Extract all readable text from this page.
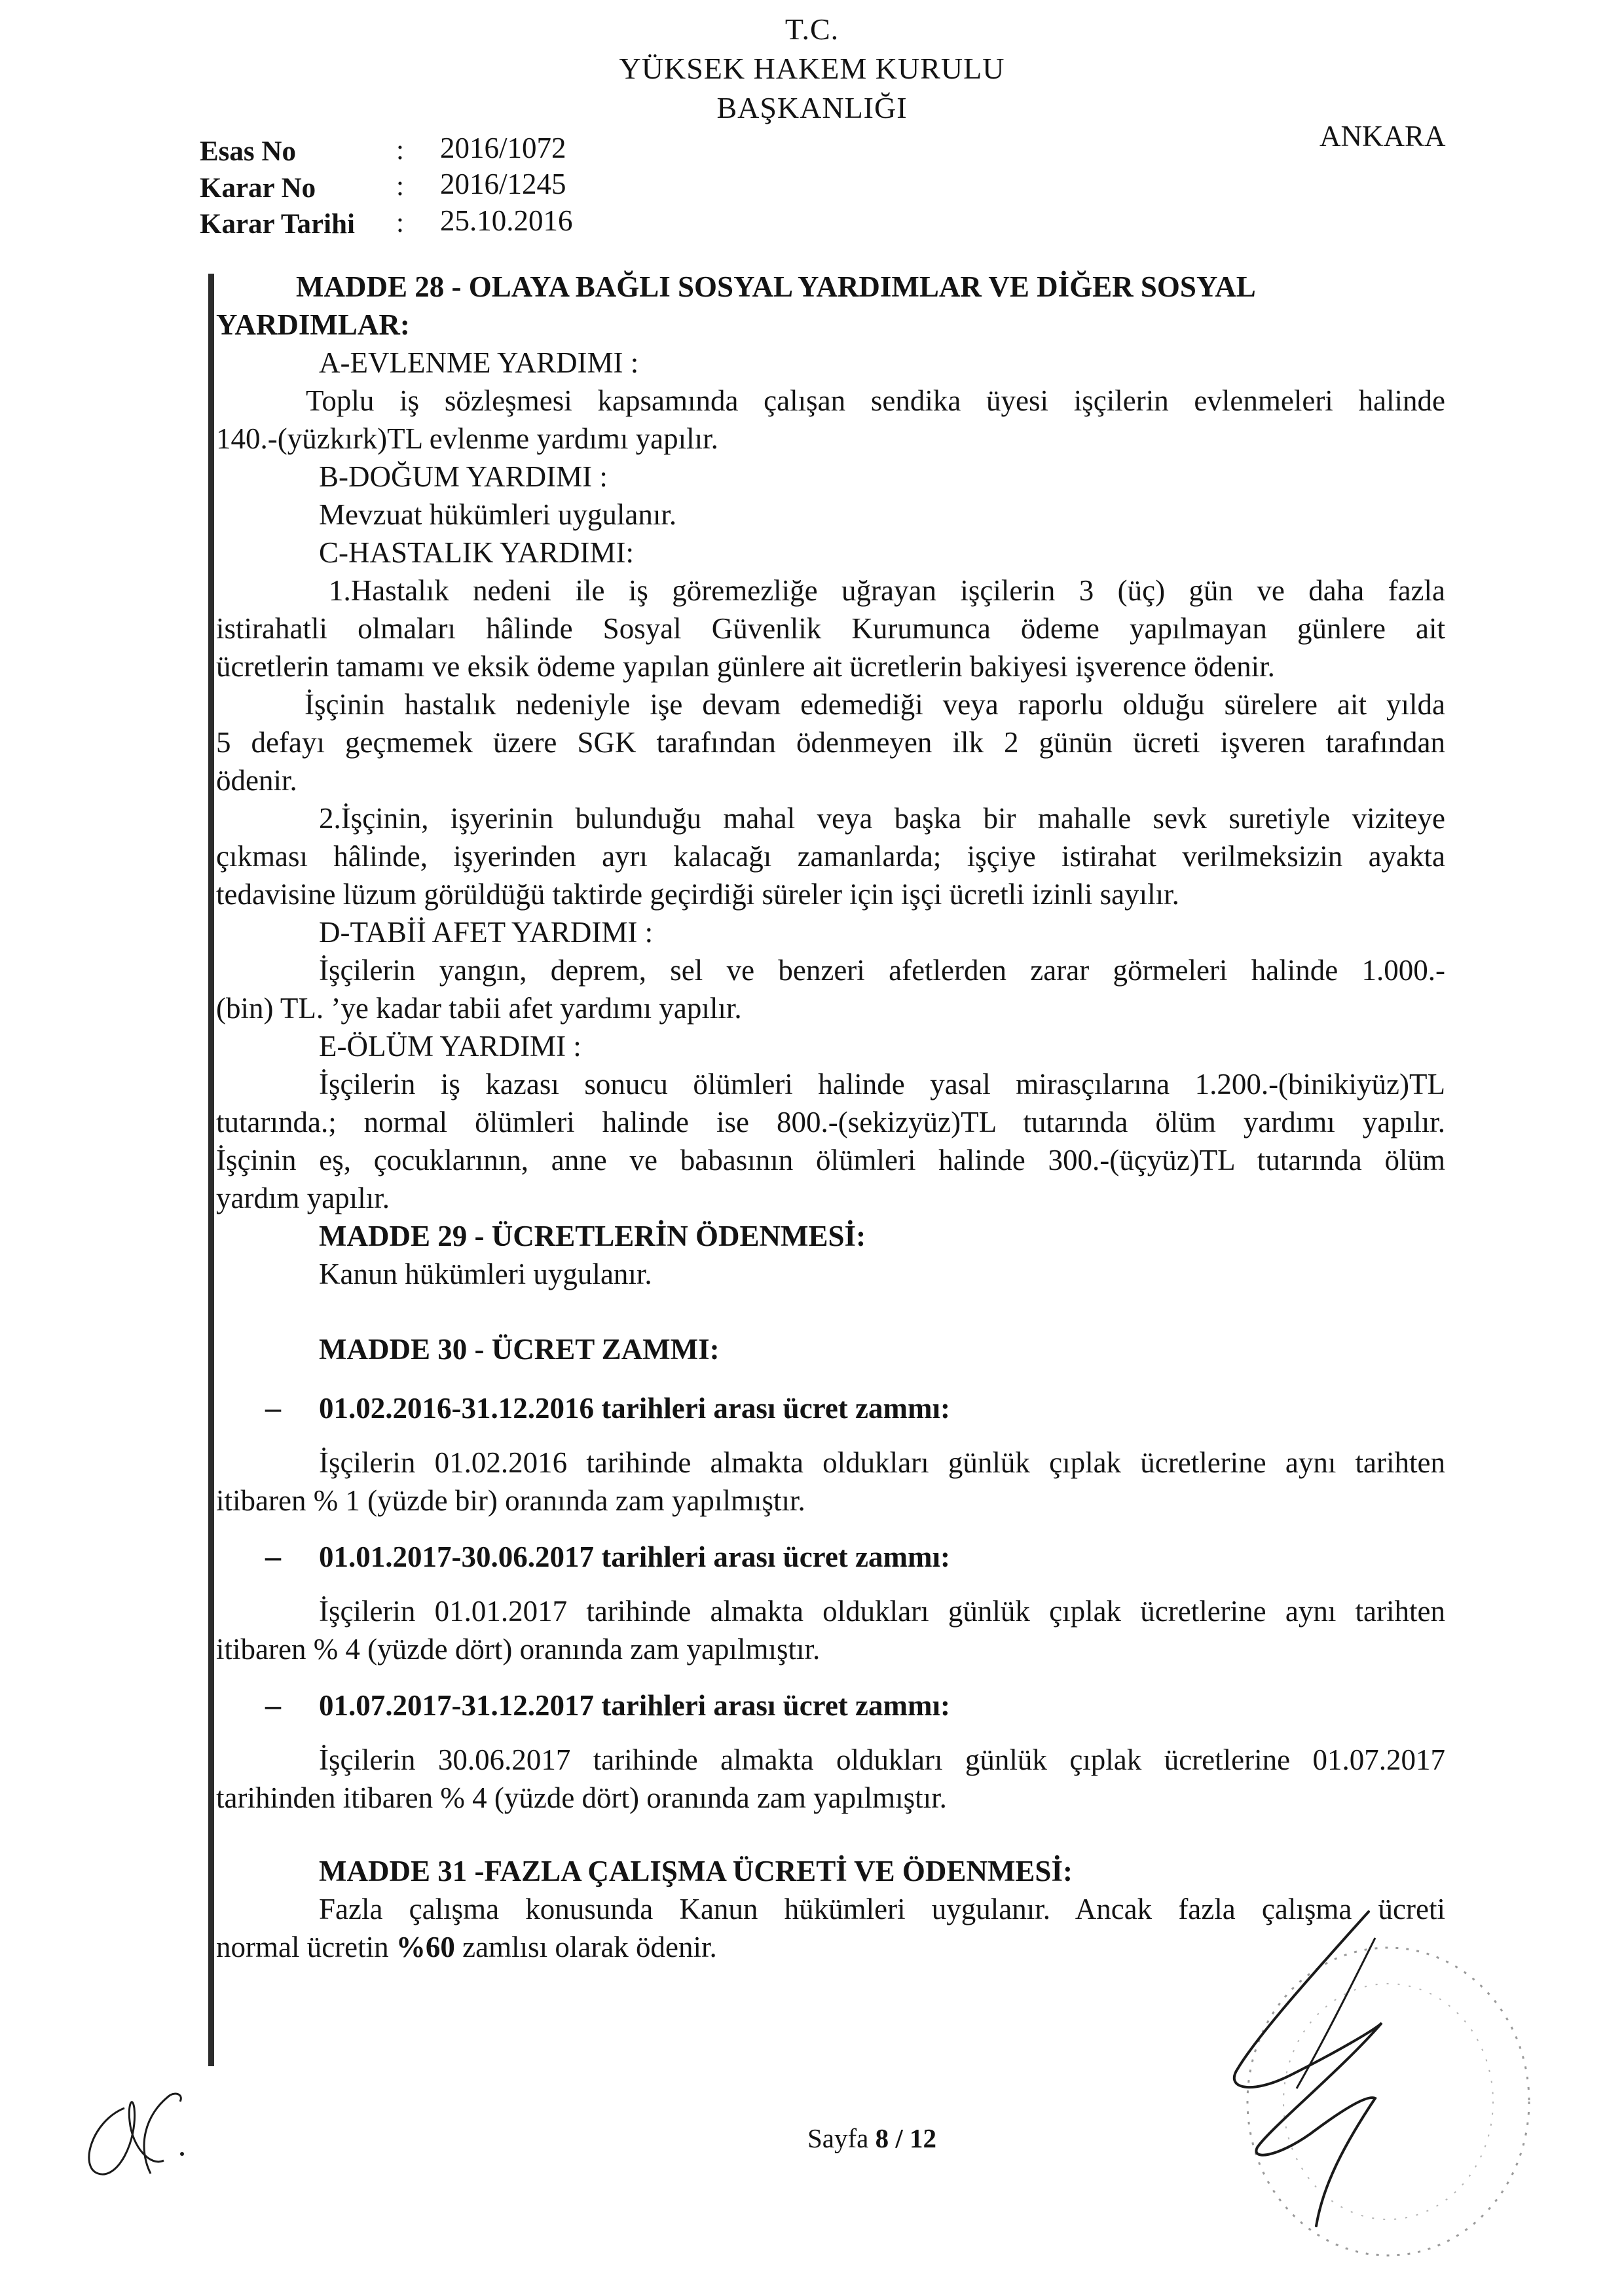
T.C.
YÜKSEK HAKEM KURULU
BAŞKANLIĞI
ANKARA
Esas No	: 2016/1072
Karar No	: 2016/1245
Karar Tarihi : 25.10.2016
MADDE 28 - OLAYA BAĞLI SOSYAL YARDIMLAR VE DİĞER SOSYAL
YARDIMLAR:
A-EVLENME YARDIMI :
Toplu iş sözleşmesi kapsamında çalışan sendika üyesi işçilerin evlenmeleri halinde
140.-(yüzkırk)TL evlenme yardımı yapılır.
B-DOĞUM YARDIMI :
Mevzuat hükümleri uygulanır.
C-HASTALIK YARDIMI:
1.Hastalık nedeni ile iş göremezliğe uğrayan işçilerin 3 (üç) gün ve daha fazla
istirahatli olmaları hâlinde Sosyal Güvenlik Kurumunca ödeme yapılmayan günlere ait
ücretlerin tamamı ve eksik ödeme yapılan günlere ait ücretlerin bakiyesi işverence ödenir.
İşçinin hastalık nedeniyle işe devam edemediği veya raporlu olduğu sürelere ait yılda
5 defayı geçmemek üzere SGK tarafından ödenmeyen ilk 2 günün ücreti işveren tarafından
ödenir.
2.İşçinin, işyerinin bulunduğu mahal veya başka bir mahalle sevk suretiyle viziteye
çıkması hâlinde, işyerinden ayrı kalacağı zamanlarda; işçiye istirahat verilmeksizin ayakta
tedavisine lüzum görüldüğü taktirde geçirdiği süreler için işçi ücretli izinli sayılır.
D-TABİİ AFET YARDIMI :
İşçilerin yangın, deprem, sel ve benzeri afetlerden zarar görmeleri halinde 1.000.-
(bin) TL. ’ye kadar tabii afet yardımı yapılır.
E-ÖLÜM YARDIMI :
İşçilerin iş kazası sonucu ölümleri halinde yasal mirasçılarına 1.200.-(binikiyüz)TL
tutarında.; normal ölümleri halinde ise 800.-(sekizyüz)TL tutarında ölüm yardımı yapılır.
İşçinin eş, çocuklarının, anne ve babasının ölümleri halinde 300.-(üçyüz)TL tutarında ölüm
yardım yapılır.
MADDE 29 - ÜCRETLERİN ÖDENMESİ:
Kanun hükümleri uygulanır.
MADDE 30 - ÜCRET ZAMMI:
– 01.02.2016-31.12.2016 tarihleri arası ücret zammı:
İşçilerin 01.02.2016 tarihinde almakta oldukları günlük çıplak ücretlerine aynı tarihten
itibaren % 1 (yüzde bir) oranında zam yapılmıştır.
– 01.01.2017-30.06.2017 tarihleri arası ücret zammı:
İşçilerin 01.01.2017 tarihinde almakta oldukları günlük çıplak ücretlerine aynı tarihten
itibaren % 4 (yüzde dört) oranında zam yapılmıştır.
– 01.07.2017-31.12.2017 tarihleri arası ücret zammı:
İşçilerin 30.06.2017 tarihinde almakta oldukları günlük çıplak ücretlerine 01.07.2017
tarihinden itibaren % 4 (yüzde dört) oranında zam yapılmıştır.
MADDE 31 -FAZLA ÇALIŞMA ÜCRETİ VE ÖDENMESİ:
Fazla çalışma konusunda Kanun hükümleri uygulanır. Ancak fazla çalışma ücreti
normal ücretin %60 zamlısı olarak ödenir.
Sayfa 8 / 12
